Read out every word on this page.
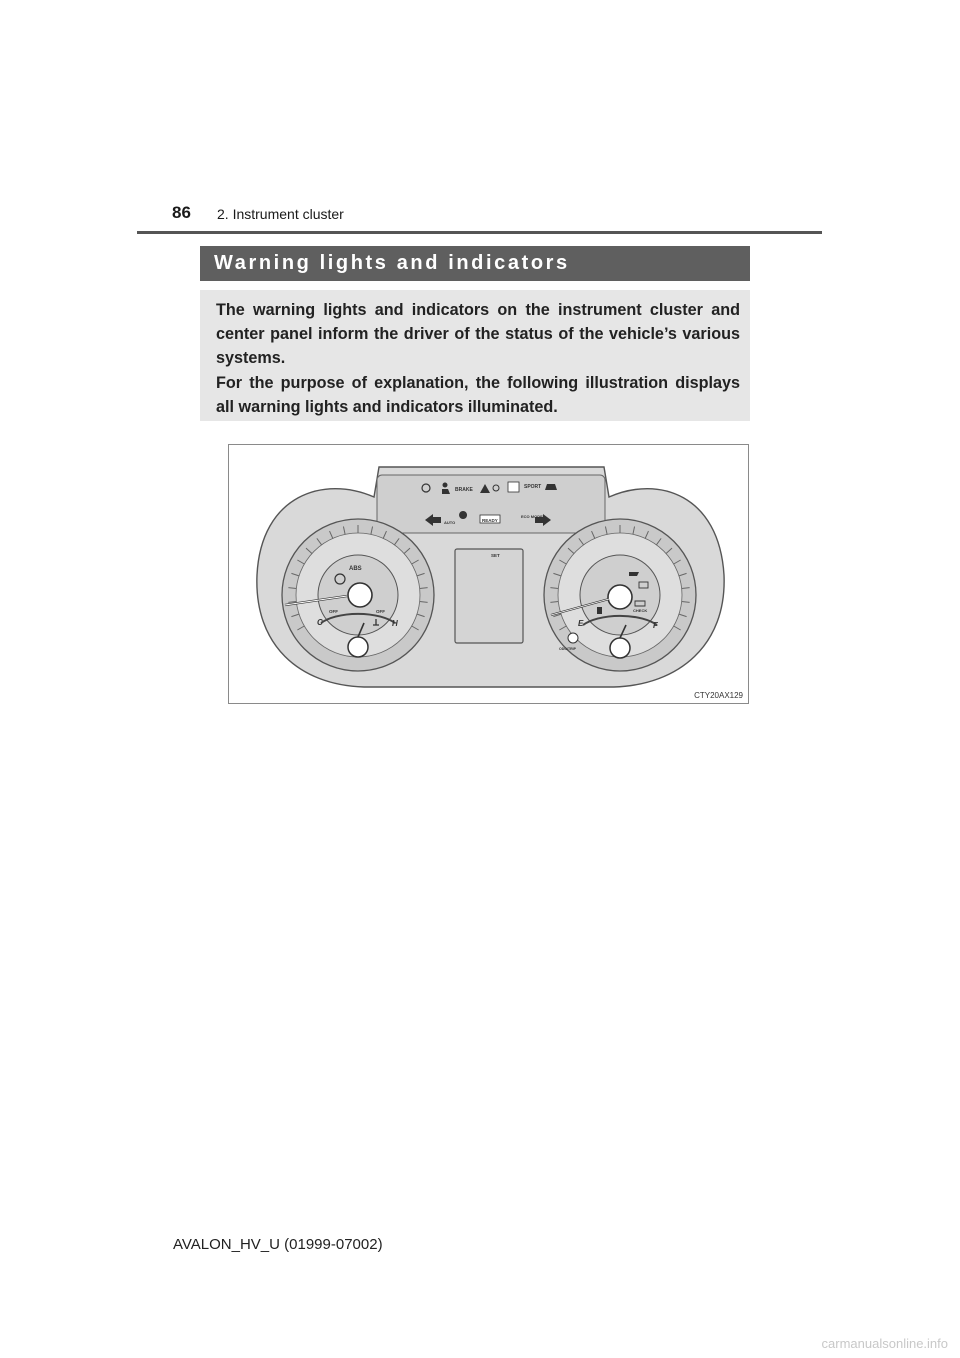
86 2. Instrument cluster
Warning lights and indicators

The warning lights and indicators on the instrument cluster and center panel inform the driver of the status of the vehicle’s various systems.

For the purpose of explanation, the following illustration displays all warning lights and indicators illuminated.

BRAKE	SPORT
READY
ECO MODE
AUTO
ABS
OFF	OFF
C	H
SET
CHECK
E	F
ODO/TRIP
CTY20AX129
AVALON_HV_U (01999-07002)
carmanualsonline.info
